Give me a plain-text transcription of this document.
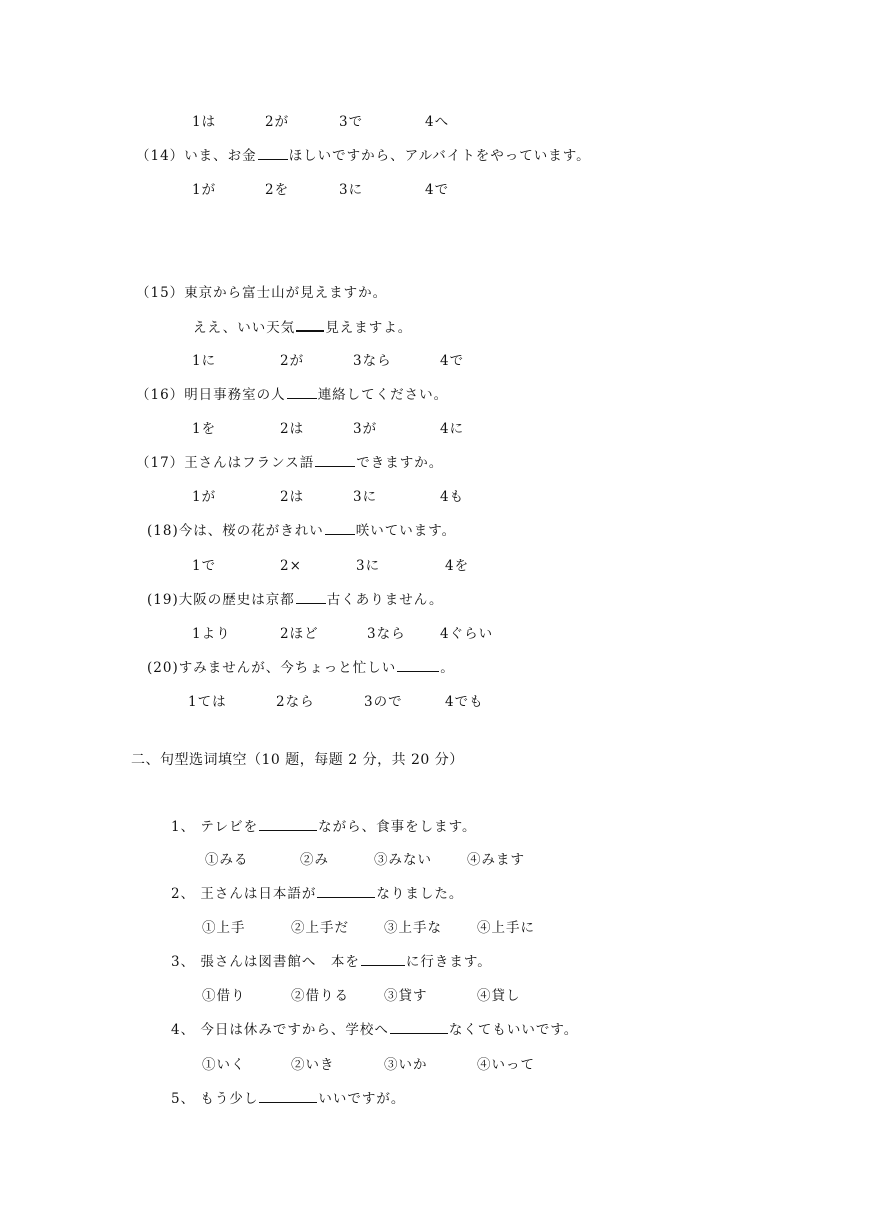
1は	2が	3で	4へ
（14）いま、お金 ほしいですから、アルバイトをやっています。
1が	2を	3に	4で
（15）東京から富士山が見えますか。
ええ、いい天気 見えますよ。
1に	2が	3なら	4で
（16）明日事務室の人 連絡してください。
1を	2は	3が	4に
（17）王さんはフランス語	できますか。
1が	2は	3に	4も
(18)今は、桜の花がきれい 咲いています。
1で	2×	3に	4を
(19)大阪の歴史は京都 古くありません。
1より	2ほど	3なら	4ぐらい
(20)すみませんが、今ちょっと忙しい	。
1ては	2なら	3ので	4でも
二、句型选词填空（10 题，每题 2 分，共 20 分）
1、 テレビを	ながら、食事をします。
①みる	②み	③みない	④みます
2、 王さんは日本語が	なりました。
①上手	②上手だ	③上手な	④上手に
3、 張さんは図書館へ　本を	に行きます。
①借り	②借りる	③貸す	④貸し
4、 今日は休みですから、学校へ	なくてもいいです。
①いく	②いき	③いか	④いって
5、 もう少し	いいですが。
